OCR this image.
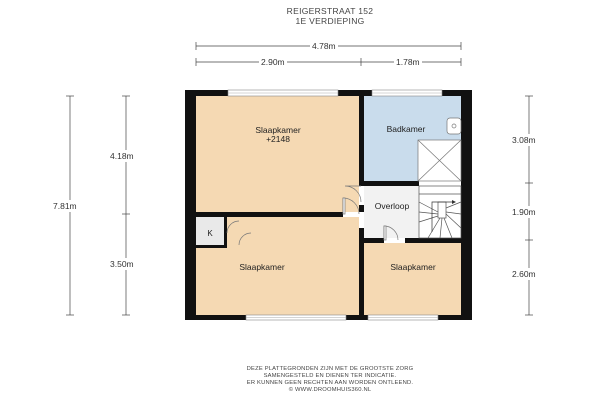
REIGERSTRAAT 152
1E VERDIEPING
4.78m
2.90m	1.78m
7.81m
4.18m
3.50m
3.08m
1.90m
2.60m
Slaapkamer
+2148
Badkamer
Overloop
K
Slaapkamer	Slaapkamer
DEZE PLATTEGRONDEN ZIJN MET DE GROOTSTE ZORG
SAMENGESTELD EN DIENEN TER INDICATIE.
ER KUNNEN GEEN RECHTEN AAN WORDEN ONTLEEND.
© WWW.DROOMHUIS360.NL
